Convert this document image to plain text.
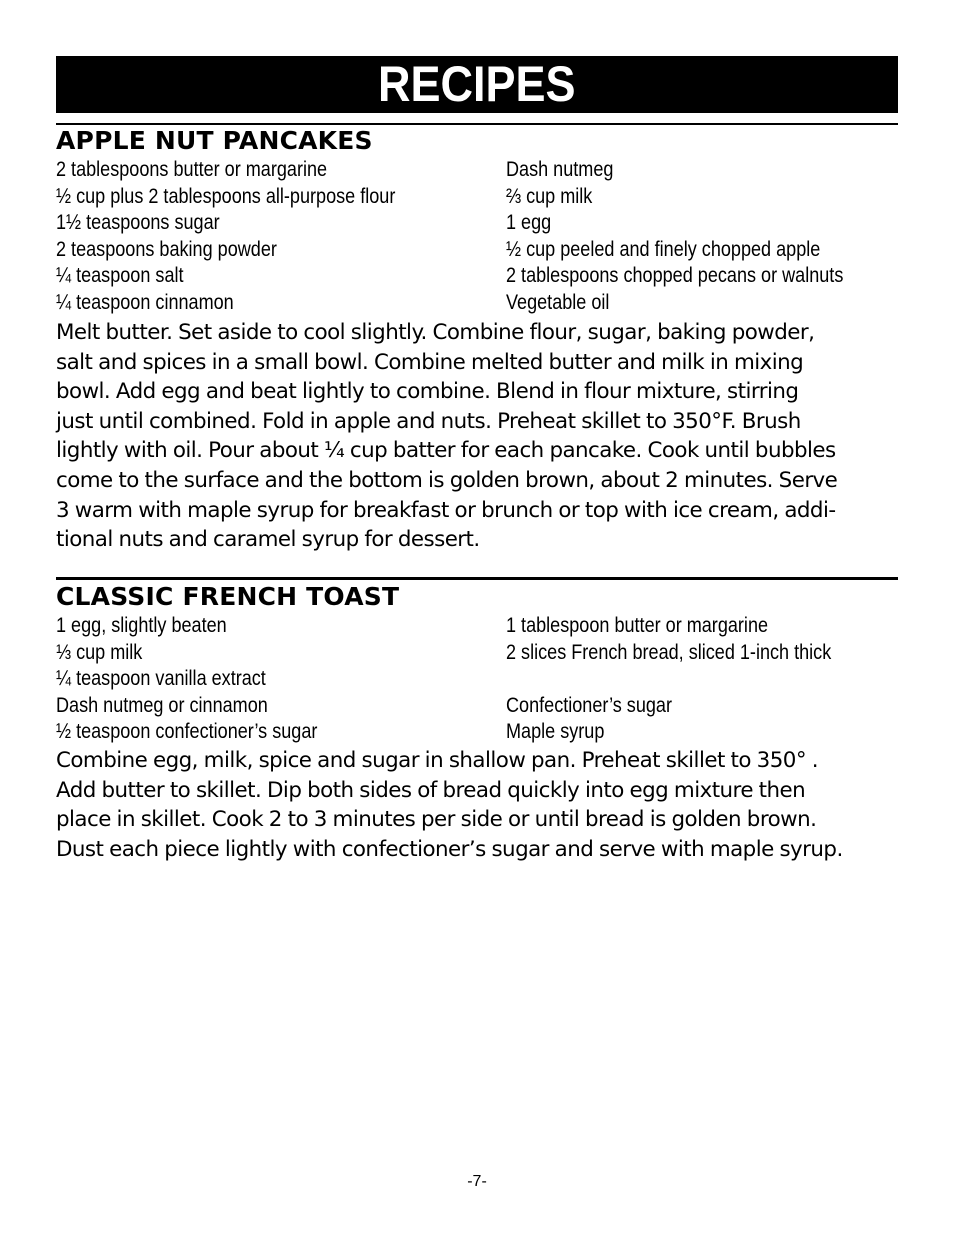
RECIPES
APPLE NUT PANCAKES
2 tablespoons butter or margarine
½ cup plus 2 tablespoons all-purpose flour
1½ teaspoons sugar
2 teaspoons baking powder
¼ teaspoon salt
¼ teaspoon cinnamon
Dash nutmeg
⅔ cup milk
1 egg
½ cup peeled and finely chopped apple
2 tablespoons chopped pecans or walnuts
Vegetable oil

Melt butter. Set aside to cool slightly. Combine flour, sugar, baking powder,

salt and spices in a small bowl. Combine melted butter and milk in mixing

bowl. Add egg and beat lightly to combine. Blend in flour mixture, stirring

just until combined. Fold in apple and nuts. Preheat skillet to 350°F. Brush

lightly with oil. Pour about ¼ cup batter for each pancake. Cook until bubbles

come to the surface and the bottom is golden brown, about 2 minutes. Serve

3 warm with maple syrup for breakfast or brunch or top with ice cream, addi-

tional nuts and caramel syrup for dessert.

CLASSIC FRENCH TOAST
1 egg, slightly beaten
⅓ cup milk
¼ teaspoon vanilla extract
Dash nutmeg or cinnamon
½ teaspoon confectioner’s sugar
1 tablespoon butter or margarine
2 slices French bread, sliced 1-inch thick
Confectioner’s sugar
Maple syrup

Combine egg, milk, spice and sugar in shallow pan. Preheat skillet to 350° .

Add butter to skillet. Dip both sides of bread quickly into egg mixture then

place in skillet. Cook 2 to 3 minutes per side or until bread is golden brown.

Dust each piece lightly with confectioner’s sugar and serve with maple syrup.

-7-
